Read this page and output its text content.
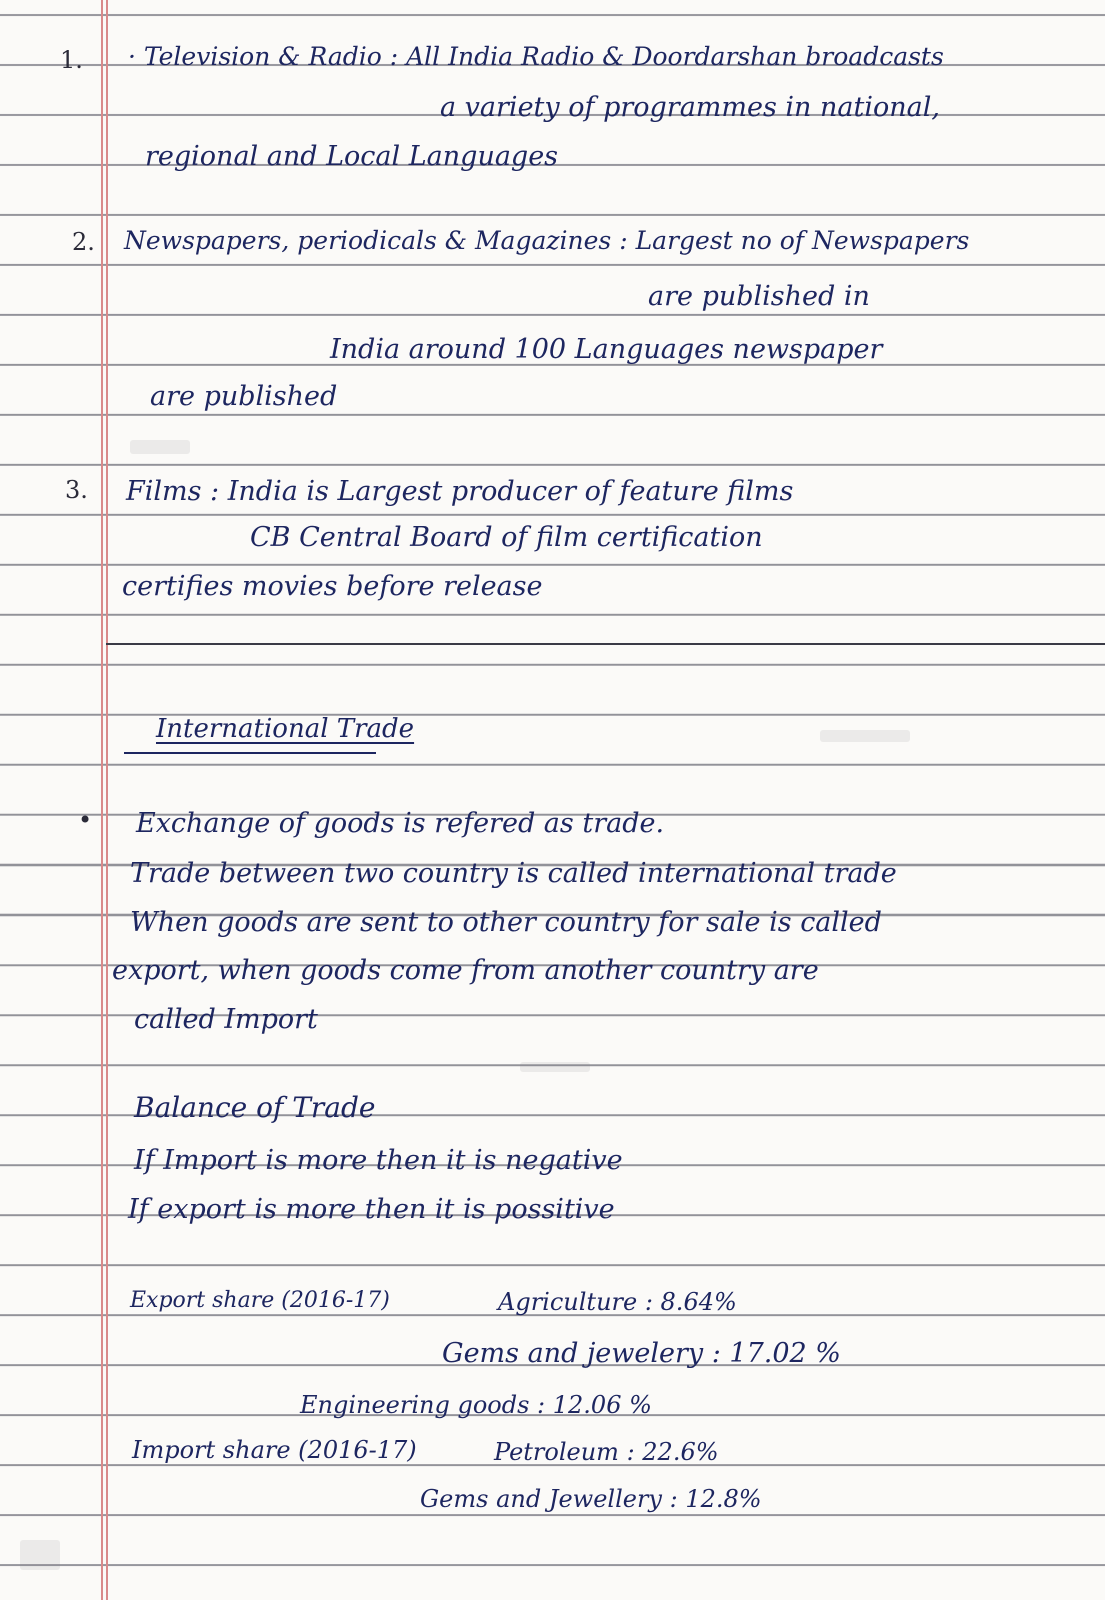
1. · Television & Radio : All India Radio & Doordarshan broadcasts
a variety of programmes in national,
regional and Local Languages
2. Newspapers, periodicals & Magazines : Largest no of Newspapers
are published in
India around 100 Languages newspaper
are published
3. Films : India is Largest producer of feature films
CB Central Board of film certification
certifies movies before release
International Trade
• Exchange of goods is refered as trade.
Trade between two country is called international trade
When goods are sent to other country for sale is called
export, when goods come from another country are
called Import
Balance of Trade
If Import is more then it is negative
If export is more then it is possitive
Export share (2016-17)	Agriculture : 8.64%
Gems and jewelery : 17.02 %
Engineering goods : 12.06 %
Import share (2016-17)	Petroleum : 22.6%
Gems and Jewellery : 12.8%
